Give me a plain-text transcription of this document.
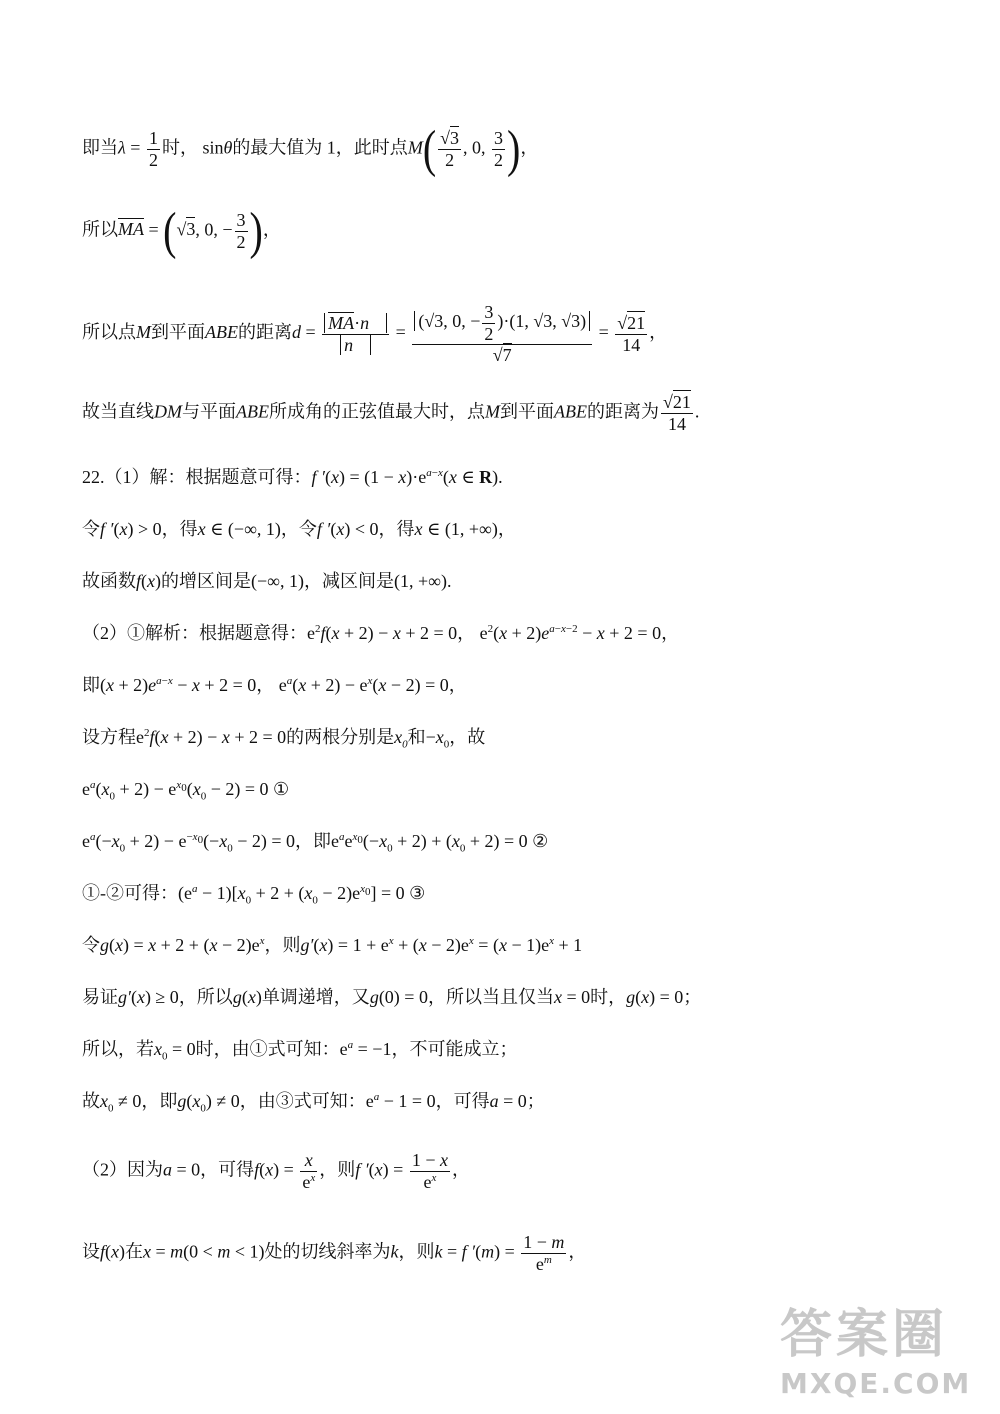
即当$\lambda = \frac{1}{2}$ 时， sinθ的最大值为 1，此时点$M( \frac{√3}{2}$ , 0, $\frac{3}{2}$ )，
所以MA = (√3, 0, − $\frac{3}{2}$ )，
所以点M到平面ABE的距离$d = \frac{MA\cdot n⃗}{n⃗} = \frac{(√3, 0, - \frac{3}{2} )\cdot(1, √3, √3)}{√7} = \frac{√21}{14}$ ，
故当直线DM与平面ABE所成角的正弦值最大时，点M到平面ABE的距离为 $\frac{√21}{14}$ .
22.（1）解：根据题意可得：f $'(x) = (1 - x)\cdot e^{a-x}(x$ ∈ R).
令f ′(x) > 0，得x ∈ (−∞, 1)，令f ′(x) < 0，得x ∈ (1, +∞)，
故函数f(x)的增区间是(−∞, 1)，减区间是(1, +∞).
（2）①解析：根据题意得：$e^2f(x + 2) - x + 2 = 0$， $e^2(x + 2)e^{a-x-2} - x + 2 = 0$，
即$(x + 2)e^{a-x} - x + 2 = 0$， $e^a(x + 2) - e^x(x - 2) = 0$，
设方程$e^2f(x + 2) - x + 2 = 0$的两根分别是$x_0$和$-x_0$，故
$e^a(x_0 + 2) - e^{x_0}(x_0 - 2) = 0$ ①
$e^a(-x_0 + 2) - e^{-x_0}(-x_0 - 2) = 0$，即$e^ae^{x_0}(-x_0 + 2) + (x_0 + 2) = 0$ ②
①-②可得：$(e^a - 1)[x_0 + 2 + (x_0 - 2)e^{x_0}] = 0$ ③
令$g(x) = x + 2 + (x - 2)e^x$，则$g'(x) = 1 + e^x + (x - 2)e^x = (x - 1)e^x + 1$
易证g′(x) ≥ 0，所以g(x)单调递增，又g(0) = 0，所以当且仅当x = 0时，g(x) = 0；
所以，若$x_0 = 0$时，由①式可知：$e^a = -1$，不可能成立；
故$x_0 \ne 0$，即$g(x_0) \ne 0$，由③式可知：$e^a - 1 = 0$，可得a = 0；
（2）因为a = 0，可得$f(x) = \frac{x}{e^x}$ ，则f $'(x) = \frac{1 - x}{e^x}$ ，
设f(x)在x = m(0 < m < 1)处的切线斜率为k，则k = f $'(m) = \frac{1 - m}{e^m}$ ，
答案圈
MXQE.COM
